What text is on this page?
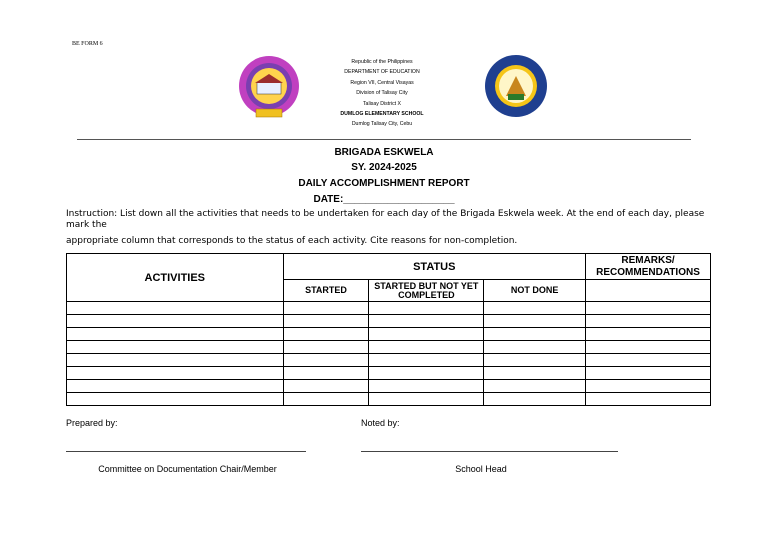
BE FORM 6
Republic of the Philippines
DEPARTMENT OF EDUCATION
Region VII, Central Visayas
Division of Talisay City
Talisay District X
DUMLOG ELEMENTARY SCHOOL
Dumlog Talisay City, Cebu
BRIGADA ESKWELA
SY. 2024-2025
DAILY ACCOMPLISHMENT REPORT
DATE:____________________
Instruction: List down all the activities that needs to be undertaken for each day of the Brigada Eskwela week. At the end of each day, please mark the
appropriate column that corresponds to the status of each activity. Cite reasons for non-completion.
ACTIVITIES	STATUS			REMARKS/ RECOMMENDATIONS
	STARTED	STARTED BUT NOT YET COMPLETED	NOT DONE	

Prepared by:	Noted by:
Committee on Documentation Chair/Member	School Head
